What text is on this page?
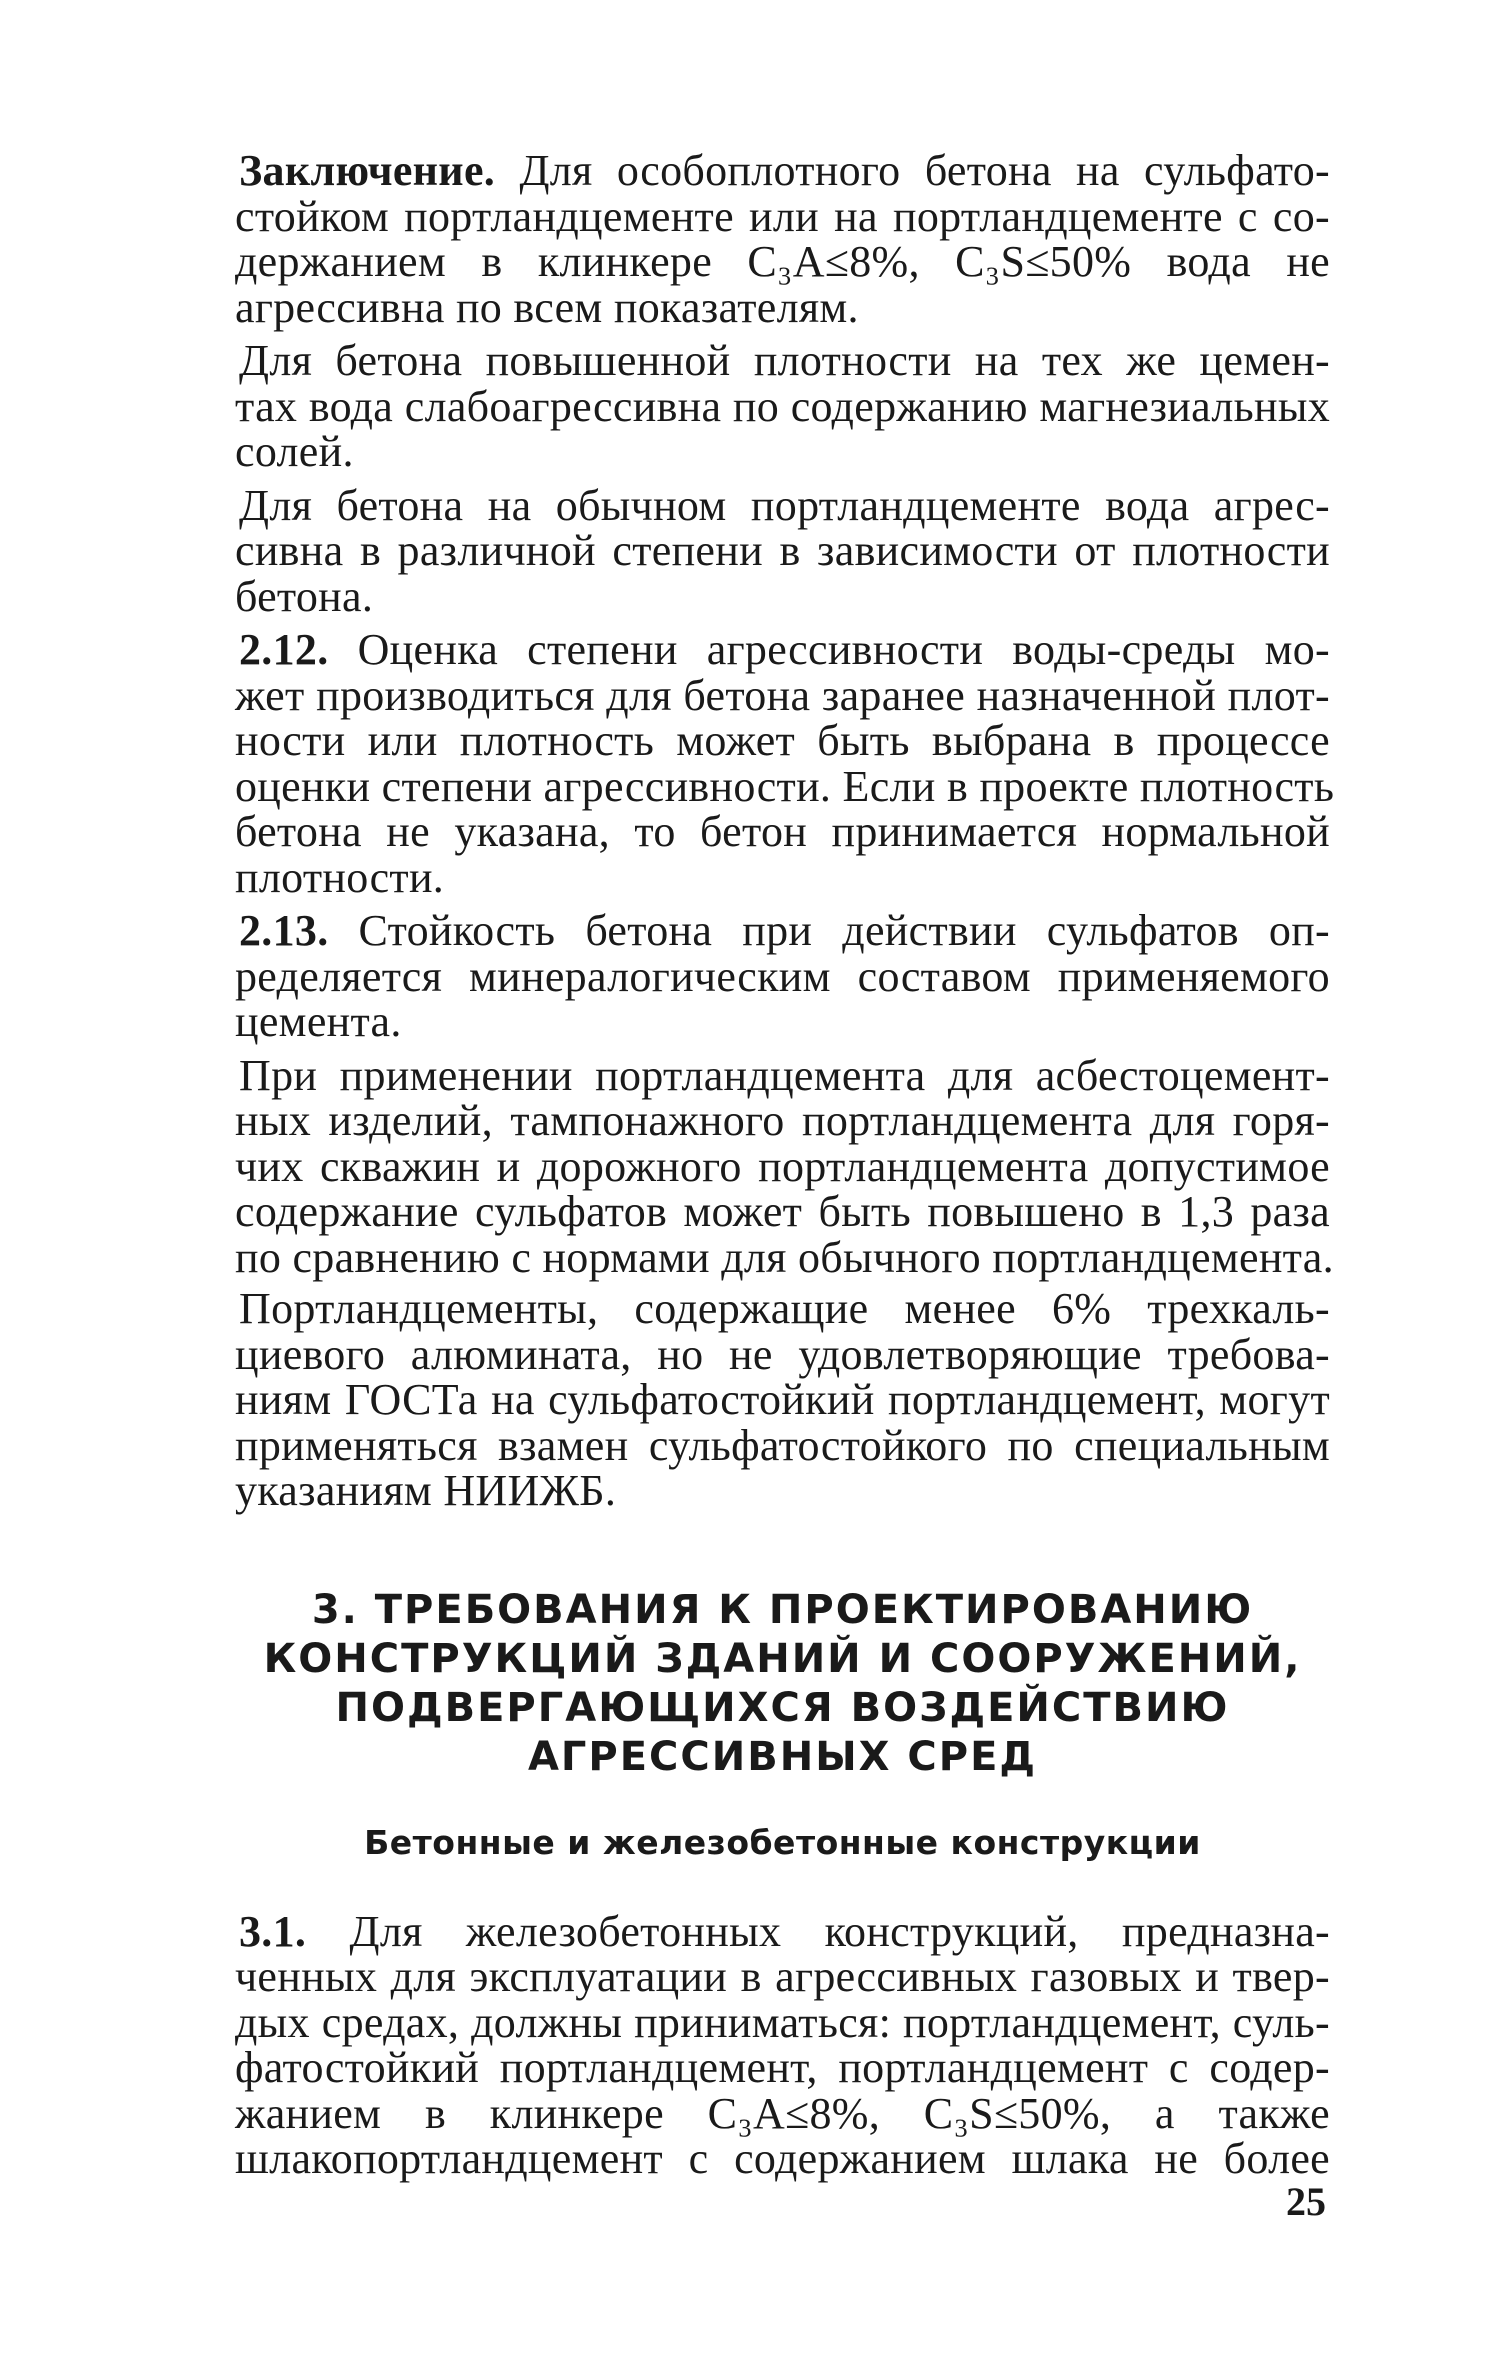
Заключение. Для особоплотного бетона на сульфато-
стойком портландцементе или на портландцементе с со-
держанием в клинкере C₃A≤8%, C₃S≤50% вода не
агрессивна по всем показателям.
Для бетона повышенной плотности на тех же цемен-
тах вода слабоагрессивна по содержанию магнезиальных
солей.
Для бетона на обычном портландцементе вода агрес-
сивна в различной степени в зависимости от плотности
бетона.
2.12. Оценка степени агрессивности воды-среды мо-
жет производиться для бетона заранее назначенной плот-
ности или плотность может быть выбрана в процессе
оценки степени агрессивности. Если в проекте плотность
бетона не указана, то бетон принимается нормальной
плотности.
2.13. Стойкость бетона при действии сульфатов оп-
ределяется минералогическим составом применяемого
цемента.
При применении портландцемента для асбестоцемент-
ных изделий, тампонажного портландцемента для горя-
чих скважин и дорожного портландцемента допустимое
содержание сульфатов может быть повышено в 1,3 раза
по сравнению с нормами для обычного портландцемента.
Портландцементы, содержащие менее 6% трехкаль-
циевого алюмината, но не удовлетворяющие требова-
ниям ГОСТа на сульфатостойкий портландцемент, могут
применяться взамен сульфатостойкого по специальным
указаниям НИИЖБ.
3. ТРЕБОВАНИЯ К ПРОЕКТИРОВАНИЮ
КОНСТРУКЦИЙ ЗДАНИЙ И СООРУЖЕНИЙ,
ПОДВЕРГАЮЩИХСЯ ВОЗДЕЙСТВИЮ
АГРЕССИВНЫХ СРЕД
Бетонные и железобетонные конструкции
3.1. Для железобетонных конструкций, предназна-
ченных для эксплуатации в агрессивных газовых и твер-
дых средах, должны приниматься: портландцемент, суль-
фатостойкий портландцемент, портландцемент с содер-
жанием в клинкере C₃A≤8%, C₃S≤50%, а также
шлакопортландцемент с содержанием шлака не более
25
